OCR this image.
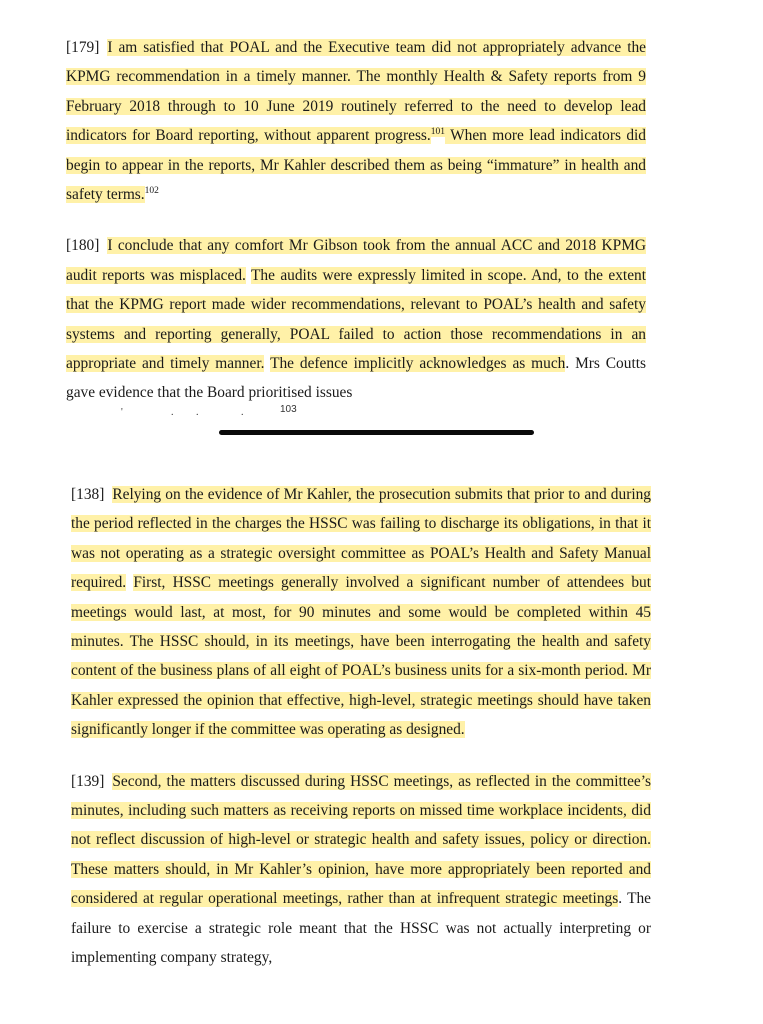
[179] I am satisfied that POAL and the Executive team did not appropriately advance the KPMG recommendation in a timely manner. The monthly Health & Safety reports from 9 February 2018 through to 10 June 2019 routinely referred to the need to develop lead indicators for Board reporting, without apparent progress.$^{101}$ When more lead indicators did begin to appear in the reports, Mr Kahler described them as being “immature” in health and safety terms.$^{102}$

[180] I conclude that any comfort Mr Gibson took from the annual ACC and 2018 KPMG audit reports was misplaced. The audits were expressly limited in scope. And, to the extent that the KPMG report made wider recommendations, relevant to POAL’s health and safety systems and reporting generally, POAL failed to action those recommendations in an appropriate and timely manner. The defence implicitly acknowledges as much. Mrs Coutts gave evidence that the Board prioritised issues

'	. .	.	103

[138] Relying on the evidence of Mr Kahler, the prosecution submits that prior to and during the period reflected in the charges the HSSC was failing to discharge its obligations, in that it was not operating as a strategic oversight committee as POAL’s Health and Safety Manual required. First, HSSC meetings generally involved a significant number of attendees but meetings would last, at most, for 90 minutes and some would be completed within 45 minutes. The HSSC should, in its meetings, have been interrogating the health and safety content of the business plans of all eight of POAL’s business units for a six-month period. Mr Kahler expressed the opinion that effective, high-level, strategic meetings should have taken significantly longer if the committee was operating as designed.

[139] Second, the matters discussed during HSSC meetings, as reflected in the committee’s minutes, including such matters as receiving reports on missed time workplace incidents, did not reflect discussion of high-level or strategic health and safety issues, policy or direction. These matters should, in Mr Kahler’s opinion, have more appropriately been reported and considered at regular operational meetings, rather than at infrequent strategic meetings. The failure to exercise a strategic role meant that the HSSC was not actually interpreting or implementing company strategy,
